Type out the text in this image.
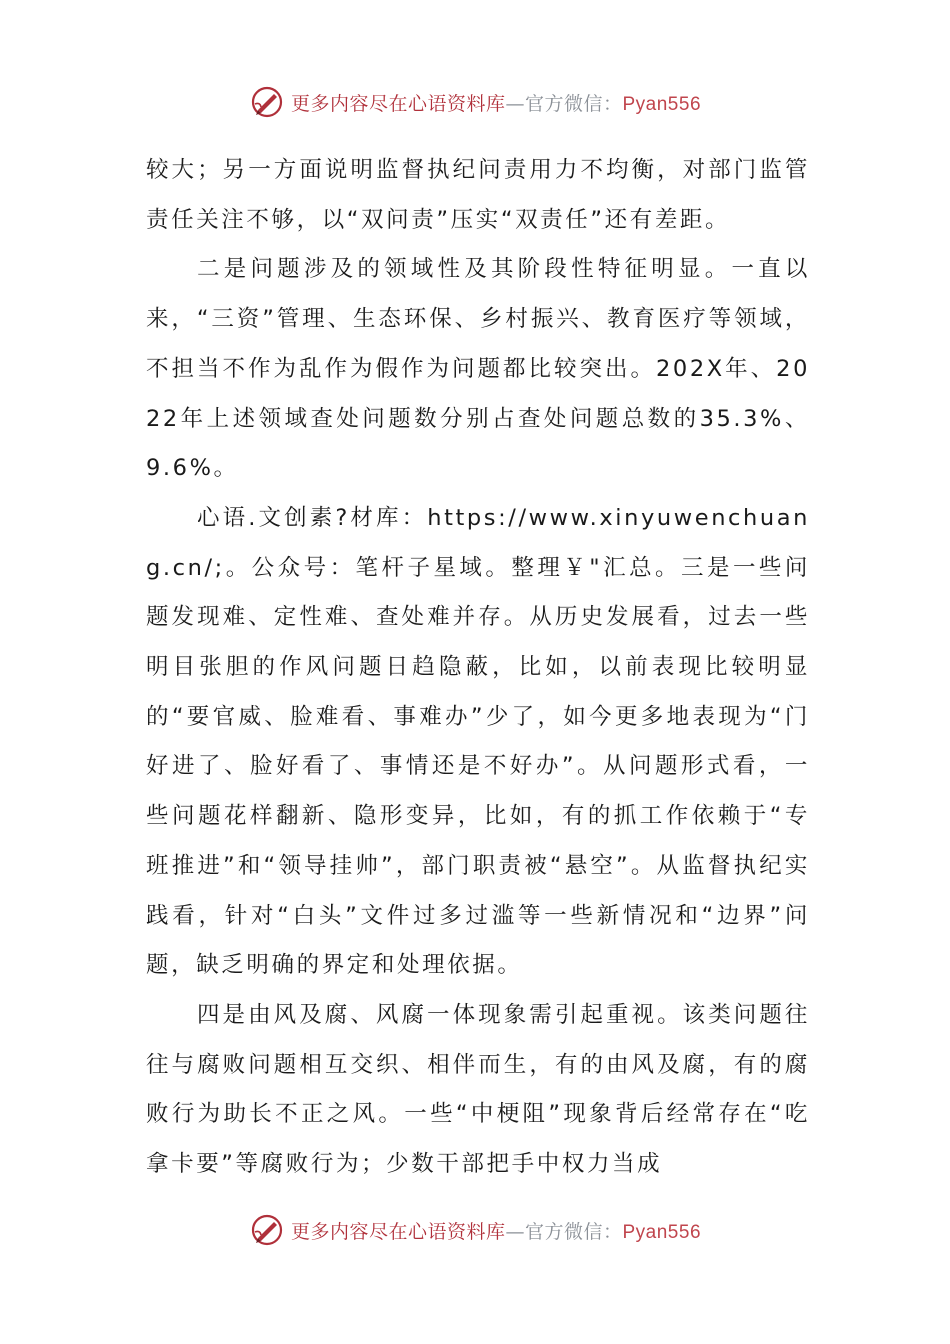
更多内容尽在心语资料库—官方微信：Pyan556

较大；另一方面说明监督执纪问责用力不均衡，对部门监管责任关注不够，以“双问责”压实“双责任”还有差距。

二是问题涉及的领域性及其阶段性特征明显。一直以来，“三资”管理、生态环保、乡村振兴、教育医疗等领域，不担当不作为乱作为假作为问题都比较突出。202X年、2022年上述领域查处问题数分别占查处问题总数的35.3%、9.6%。

心语.文创素?材库：https://www.xinyuwenchuang.cn/;。公众号：笔杆子星域。整理￥"汇总。三是一些问题发现难、定性难、查处难并存。从历史发展看，过去一些明目张胆的作风问题日趋隐蔽，比如，以前表现比较明显的“要官威、脸难看、事难办”少了，如今更多地表现为“门好进了、脸好看了、事情还是不好办”。从问题形式看，一些问题花样翻新、隐形变异，比如，有的抓工作依赖于“专班推进”和“领导挂帅”，部门职责被“悬空”。从监督执纪实践看，针对“白头”文件过多过滥等一些新情况和“边界”问题，缺乏明确的界定和处理依据。

四是由风及腐、风腐一体现象需引起重视。该类问题往往与腐败问题相互交织、相伴而生，有的由风及腐，有的腐败行为助长不正之风。一些“中梗阻”现象背后经常存在“吃拿卡要”等腐败行为；少数干部把手中权力当成

更多内容尽在心语资料库—官方微信：Pyan556
